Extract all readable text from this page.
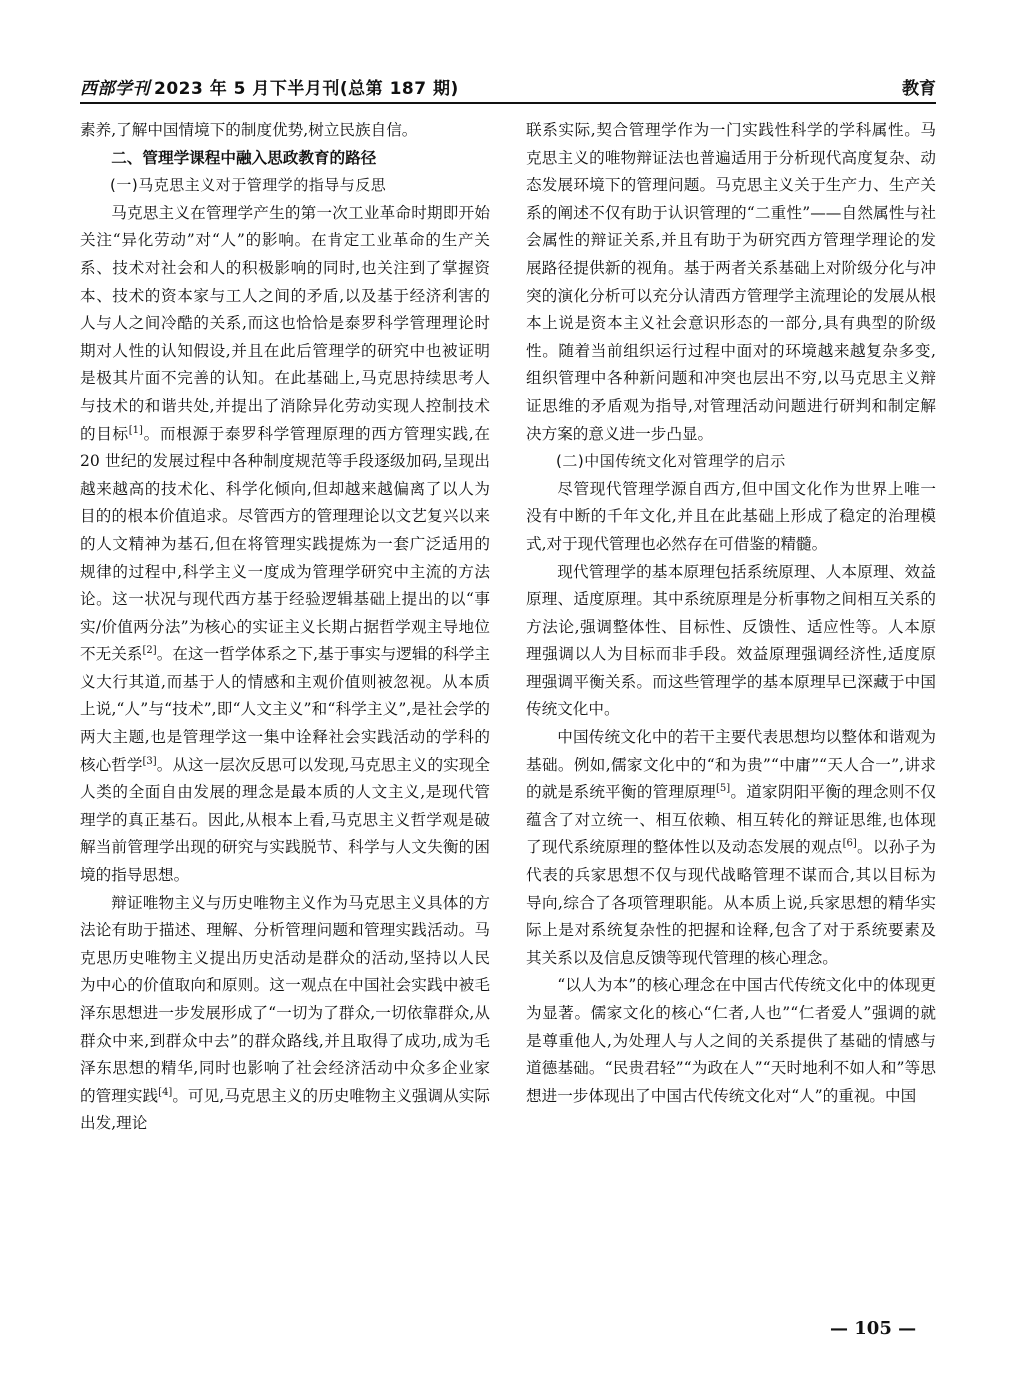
西部学刊 2023 年 5 月下半月刊(总第 187 期)	教育

素养,了解中国情境下的制度优势,树立民族自信。

二、管理学课程中融入思政教育的路径
(一)马克思主义对于管理学的指导与反思

马克思主义在管理学产生的第一次工业革命时期即开始关注“异化劳动”对“人”的影响。在肯定工业革命的生产关系、技术对社会和人的积极影响的同时,也关注到了掌握资本、技术的资本家与工人之间的矛盾,以及基于经济利害的人与人之间冷酷的关系,而这也恰恰是泰罗科学管理理论时期对人性的认知假设,并且在此后管理学的研究中也被证明是极其片面不完善的认知。在此基础上,马克思持续思考人与技术的和谐共处,并提出了消除异化劳动实现人控制技术的目标[1]。而根源于泰罗科学管理原理的西方管理实践,在 20 世纪的发展过程中各种制度规范等手段逐级加码,呈现出越来越高的技术化、科学化倾向,但却越来越偏离了以人为目的的根本价值追求。尽管西方的管理理论以文艺复兴以来的人文精神为基石,但在将管理实践提炼为一套广泛适用的规律的过程中,科学主义一度成为管理学研究中主流的方法论。这一状况与现代西方基于经验逻辑基础上提出的以“事实/价值两分法”为核心的实证主义长期占据哲学观主导地位不无关系[2]。在这一哲学体系之下,基于事实与逻辑的科学主义大行其道,而基于人的情感和主观价值则被忽视。从本质上说,“人”与“技术”,即“人文主义”和“科学主义”,是社会学的两大主题,也是管理学这一集中诠释社会实践活动的学科的核心哲学[3]。从这一层次反思可以发现,马克思主义的实现全人类的全面自由发展的理念是最本质的人文主义,是现代管理学的真正基石。因此,从根本上看,马克思主义哲学观是破解当前管理学出现的研究与实践脱节、科学与人文失衡的困境的指导思想。

辩证唯物主义与历史唯物主义作为马克思主义具体的方法论有助于描述、理解、分析管理问题和管理实践活动。马克思历史唯物主义提出历史活动是群众的活动,坚持以人民为中心的价值取向和原则。这一观点在中国社会实践中被毛泽东思想进一步发展形成了“一切为了群众,一切依靠群众,从群众中来,到群众中去”的群众路线,并且取得了成功,成为毛泽东思想的精华,同时也影响了社会经济活动中众多企业家的管理实践[4]。可见,马克思主义的历史唯物主义强调从实际出发,理论

联系实际,契合管理学作为一门实践性科学的学科属性。马克思主义的唯物辩证法也普遍适用于分析现代高度复杂、动态发展环境下的管理问题。马克思主义关于生产力、生产关系的阐述不仅有助于认识管理的“二重性”——自然属性与社会属性的辩证关系,并且有助于为研究西方管理学理论的发展路径提供新的视角。基于两者关系基础上对阶级分化与冲突的演化分析可以充分认清西方管理学主流理论的发展从根本上说是资本主义社会意识形态的一部分,具有典型的阶级性。随着当前组织运行过程中面对的环境越来越复杂多变,组织管理中各种新问题和冲突也层出不穷,以马克思主义辩证思维的矛盾观为指导,对管理活动问题进行研判和制定解决方案的意义进一步凸显。

(二)中国传统文化对管理学的启示

尽管现代管理学源自西方,但中国文化作为世界上唯一没有中断的千年文化,并且在此基础上形成了稳定的治理模式,对于现代管理也必然存在可借鉴的精髓。

现代管理学的基本原理包括系统原理、人本原理、效益原理、适度原理。其中系统原理是分析事物之间相互关系的方法论,强调整体性、目标性、反馈性、适应性等。人本原理强调以人为目标而非手段。效益原理强调经济性,适度原理强调平衡关系。而这些管理学的基本原理早已深藏于中国传统文化中。

中国传统文化中的若干主要代表思想均以整体和谐观为基础。例如,儒家文化中的“和为贵”“中庸”“天人合一”,讲求的就是系统平衡的管理原理[5]。道家阴阳平衡的理念则不仅蕴含了对立统一、相互依赖、相互转化的辩证思维,也体现了现代系统原理的整体性以及动态发展的观点[6]。以孙子为代表的兵家思想不仅与现代战略管理不谋而合,其以目标为导向,综合了各项管理职能。从本质上说,兵家思想的精华实际上是对系统复杂性的把握和诠释,包含了对于系统要素及其关系以及信息反馈等现代管理的核心理念。

“以人为本”的核心理念在中国古代传统文化中的体现更为显著。儒家文化的核心“仁者,人也”“仁者爱人”强调的就是尊重他人,为处理人与人之间的关系提供了基础的情感与道德基础。“民贵君轻”“为政在人”“天时地利不如人和”等思想进一步体现出了中国古代传统文化对“人”的重视。中国

— 105 —
